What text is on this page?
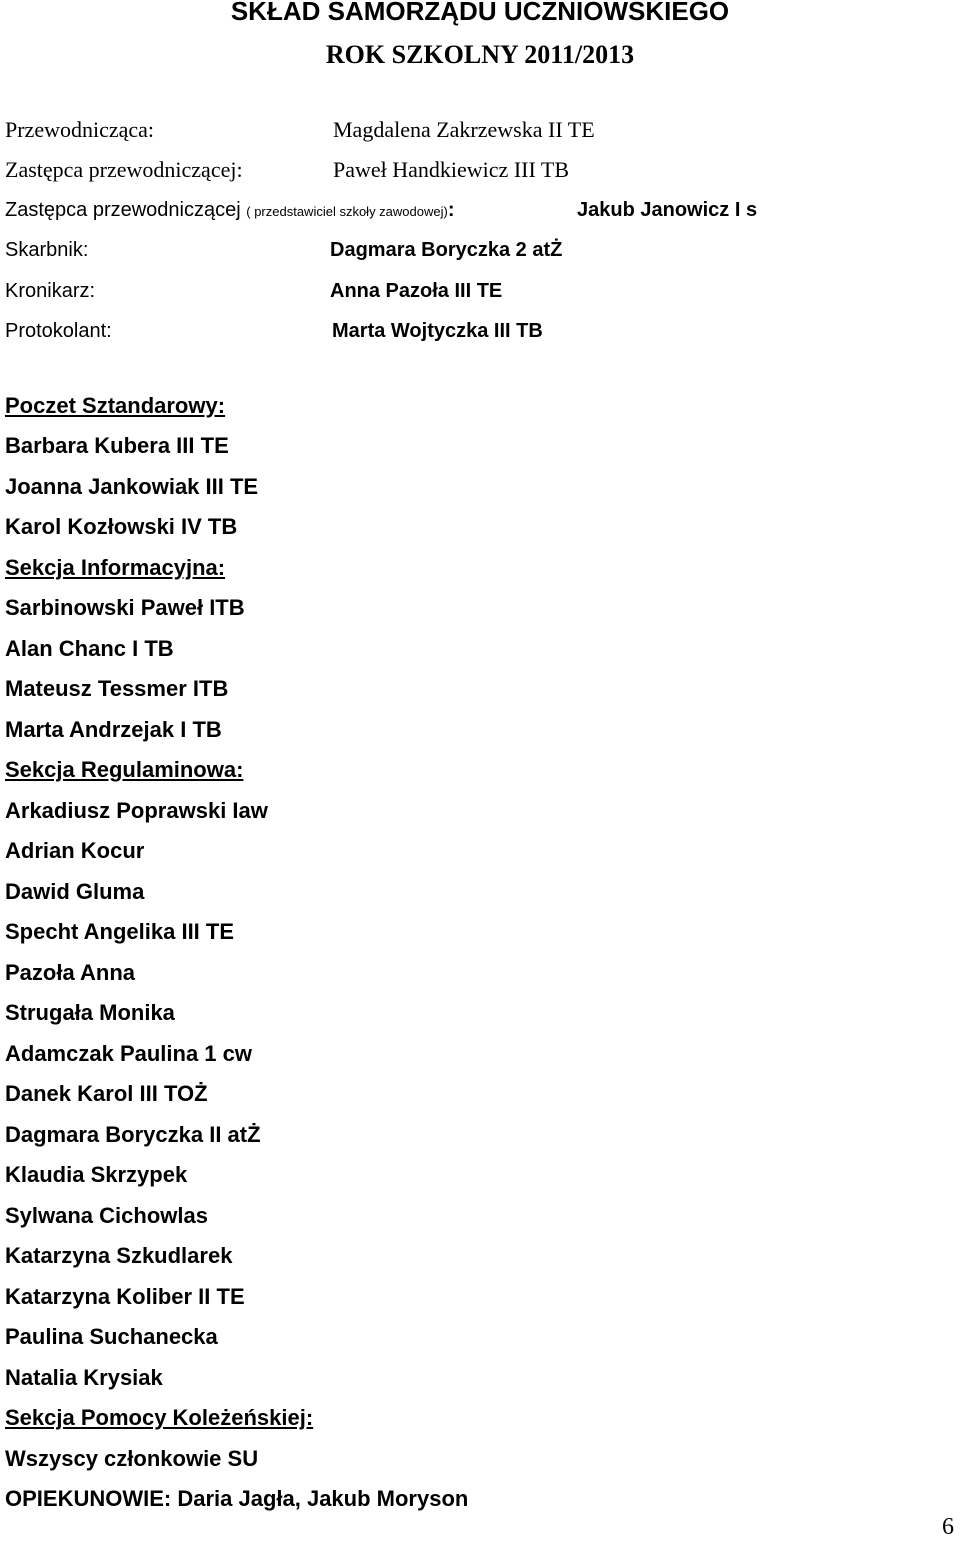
SKŁAD SAMORZĄDU UCZNIOWSKIEGO
ROK SZKOLNY 2011/2013
Przewodnicząca:	Magdalena Zakrzewska II TE
Zastępca przewodniczącej:	Paweł Handkiewicz III TB
Zastępca przewodniczącej ( przedstawiciel szkoły zawodowej):	Jakub Janowicz I s
Skarbnik:	Dagmara Boryczka 2 atŻ
Kronikarz:	Anna Pazoła III TE
Protokolant:	Marta Wojtyczka III TB
Poczet Sztandarowy:
Barbara Kubera III TE
Joanna Jankowiak III TE
Karol Kozłowski IV TB
Sekcja Informacyjna:
Sarbinowski Paweł ITB
Alan Chanc I TB
Mateusz Tessmer ITB
Marta Andrzejak I TB
Sekcja Regulaminowa:
Arkadiusz Poprawski Iaw
Adrian Kocur
Dawid Gluma
Specht Angelika III TE
Pazoła Anna
Strugała Monika
Adamczak Paulina 1 cw
Danek Karol III TOŻ
Dagmara Boryczka II atŻ
Klaudia Skrzypek
Sylwana Cichowlas
Katarzyna Szkudlarek
Katarzyna Koliber II TE
Paulina Suchanecka
Natalia Krysiak
Sekcja Pomocy Koleżeńskiej:
Wszyscy członkowie SU
OPIEKUNOWIE: Daria Jagła, Jakub Moryson
6
